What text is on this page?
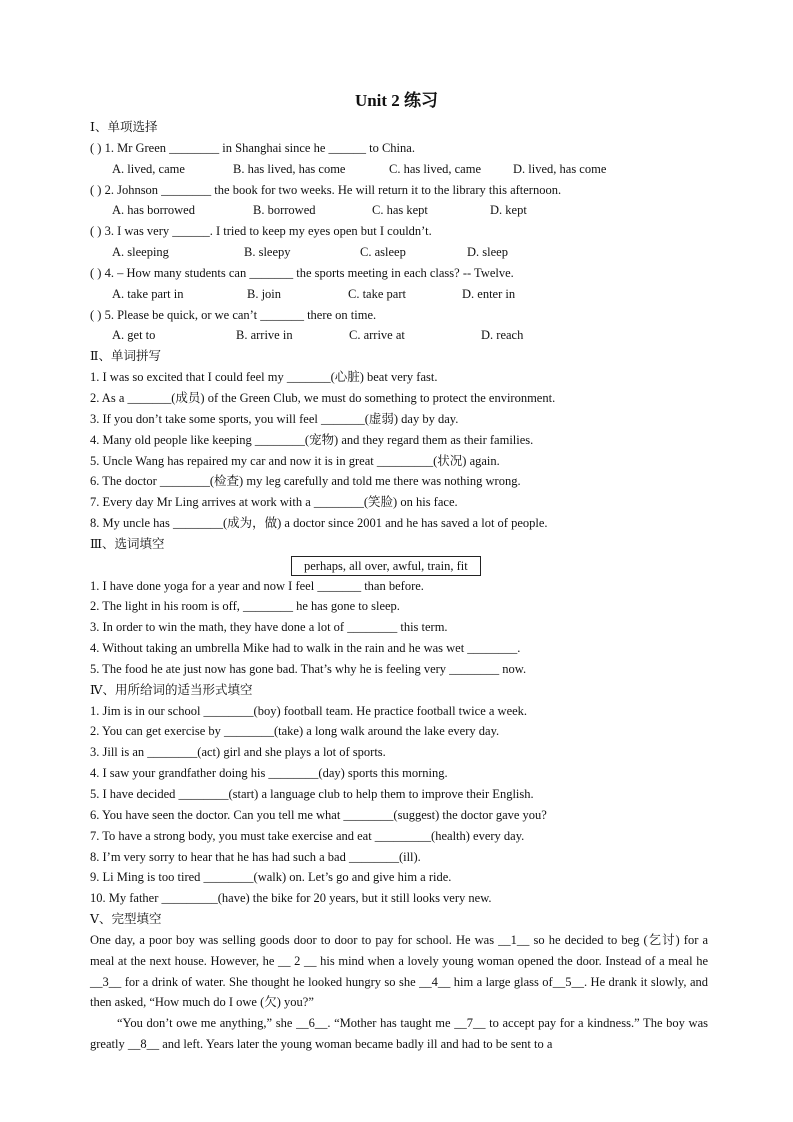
Unit 2 练习
Ⅰ、单项选择
( ) 1. Mr Green ________ in Shanghai since he ______ to China.
A. lived, came	B. has lived, has come	C. has lived, came	D. lived, has come
( ) 2. Johnson ________ the book for two weeks. He will return it to the library this afternoon.
A. has borrowed	B. borrowed	C. has kept	D. kept
( ) 3. I was very ______. I tried to keep my eyes open but I couldn’t.
A. sleeping	B. sleepy	C. asleep	D. sleep
( ) 4. – How many students can _______ the sports meeting in each class? -- Twelve.
A. take part in	B. join	C. take part	D. enter in
( ) 5. Please be quick, or we can’t _______ there on time.
A. get to	B. arrive in	C. arrive at	D. reach
Ⅱ、单词拼写
1. I was so excited that I could feel my _______(心脏) beat very fast.
2. As a _______(成员) of the Green Club, we must do something to protect the environment.
3. If you don’t take some sports, you will feel _______(虚弱) day by day.
4. Many old people like keeping ________(宠物) and they regard them as their families.
5. Uncle Wang has repaired my car and now it is in great _________(状况) again.
6. The doctor ________(检查) my leg carefully and told me there was nothing wrong.
7. Every day Mr Ling arrives at work with a ________(笑脸) on his face.
8. My uncle has ________(成为，做) a doctor since 2001 and he has saved a lot of people.
Ⅲ、选词填空
perhaps, all over, awful, train, fit
1. I have done yoga for a year and now I feel _______ than before.
2. The light in his room is off, ________ he has gone to sleep.
3. In order to win the math, they have done a lot of ________ this term.
4. Without taking an umbrella Mike had to walk in the rain and he was wet ________.
5. The food he ate just now has gone bad. That’s why he is feeling very ________ now.
Ⅳ、用所给词的适当形式填空
1. Jim is in our school ________(boy) football team. He practice football twice a week.
2. You can get exercise by ________(take) a long walk around the lake every day.
3. Jill is an ________(act) girl and she plays a lot of sports.
4. I saw your grandfather doing his ________(day) sports this morning.
5. I have decided ________(start) a language club to help them to improve their English.
6. You have seen the doctor. Can you tell me what ________(suggest) the doctor gave you?
7. To have a strong body, you must take exercise and eat _________(health) every day.
8. I’m very sorry to hear that he has had such a bad ________(ill).
9. Li Ming is too tired ________(walk) on. Let’s go and give him a ride.
10. My father _________(have) the bike for 20 years, but it still looks very new.
Ⅴ、完型填空

One day, a poor boy was selling goods door to door to pay for school. He was __1__ so he decided to beg (乞讨) for a meal at the next house. However, he __ 2 __ his mind when a lovely young woman opened the door. Instead of a meal he __3__ for a drink of water. She thought he looked hungry so she __4__ him a large glass of__5__. He drank it slowly, and then asked, “How much do I owe (欠) you?”

“You don’t owe me anything,” she __6__. “Mother has taught me __7__ to accept pay for a kindness.” The boy was greatly __8__ and left. Years later the young woman became badly ill and had to be sent to a
